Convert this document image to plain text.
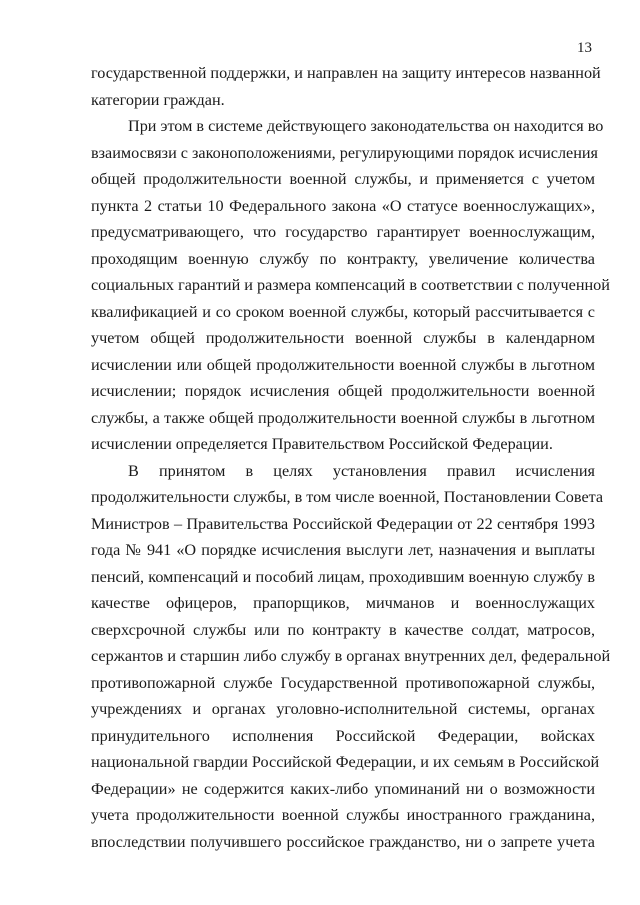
13
государственной поддержки, и направлен на защиту интересов названной
категории граждан.
При этом в системе действующего законодательства он находится во
взаимосвязи с законоположениями, регулирующими порядок исчисления
общей продолжительности военной службы, и применяется с учетом
пункта 2 статьи 10 Федерального закона «О статусе военнослужащих»,
предусматривающего, что государство гарантирует военнослужащим,
проходящим военную службу по контракту, увеличение количества
социальных гарантий и размера компенсаций в соответствии с полученной
квалификацией и со сроком военной службы, который рассчитывается с
учетом общей продолжительности военной службы в календарном
исчислении или общей продолжительности военной службы в льготном
исчислении; порядок исчисления общей продолжительности военной
службы, а также общей продолжительности военной службы в льготном
исчислении определяется Правительством Российской Федерации.
В принятом в целях установления правил исчисления
продолжительности службы, в том числе военной, Постановлении Совета
Министров – Правительства Российской Федерации от 22 сентября 1993
года № 941 «О порядке исчисления выслуги лет, назначения и выплаты
пенсий, компенсаций и пособий лицам, проходившим военную службу в
качестве офицеров, прапорщиков, мичманов и военнослужащих
сверхсрочной службы или по контракту в качестве солдат, матросов,
сержантов и старшин либо службу в органах внутренних дел, федеральной
противопожарной службе Государственной противопожарной службы,
учреждениях и органах уголовно-исполнительной системы, органах
принудительного исполнения Российской Федерации, войсках
национальной гвардии Российской Федерации, и их семьям в Российской
Федерации» не содержится каких-либо упоминаний ни о возможности
учета продолжительности военной службы иностранного гражданина,
впоследствии получившего российское гражданство, ни о запрете учета
